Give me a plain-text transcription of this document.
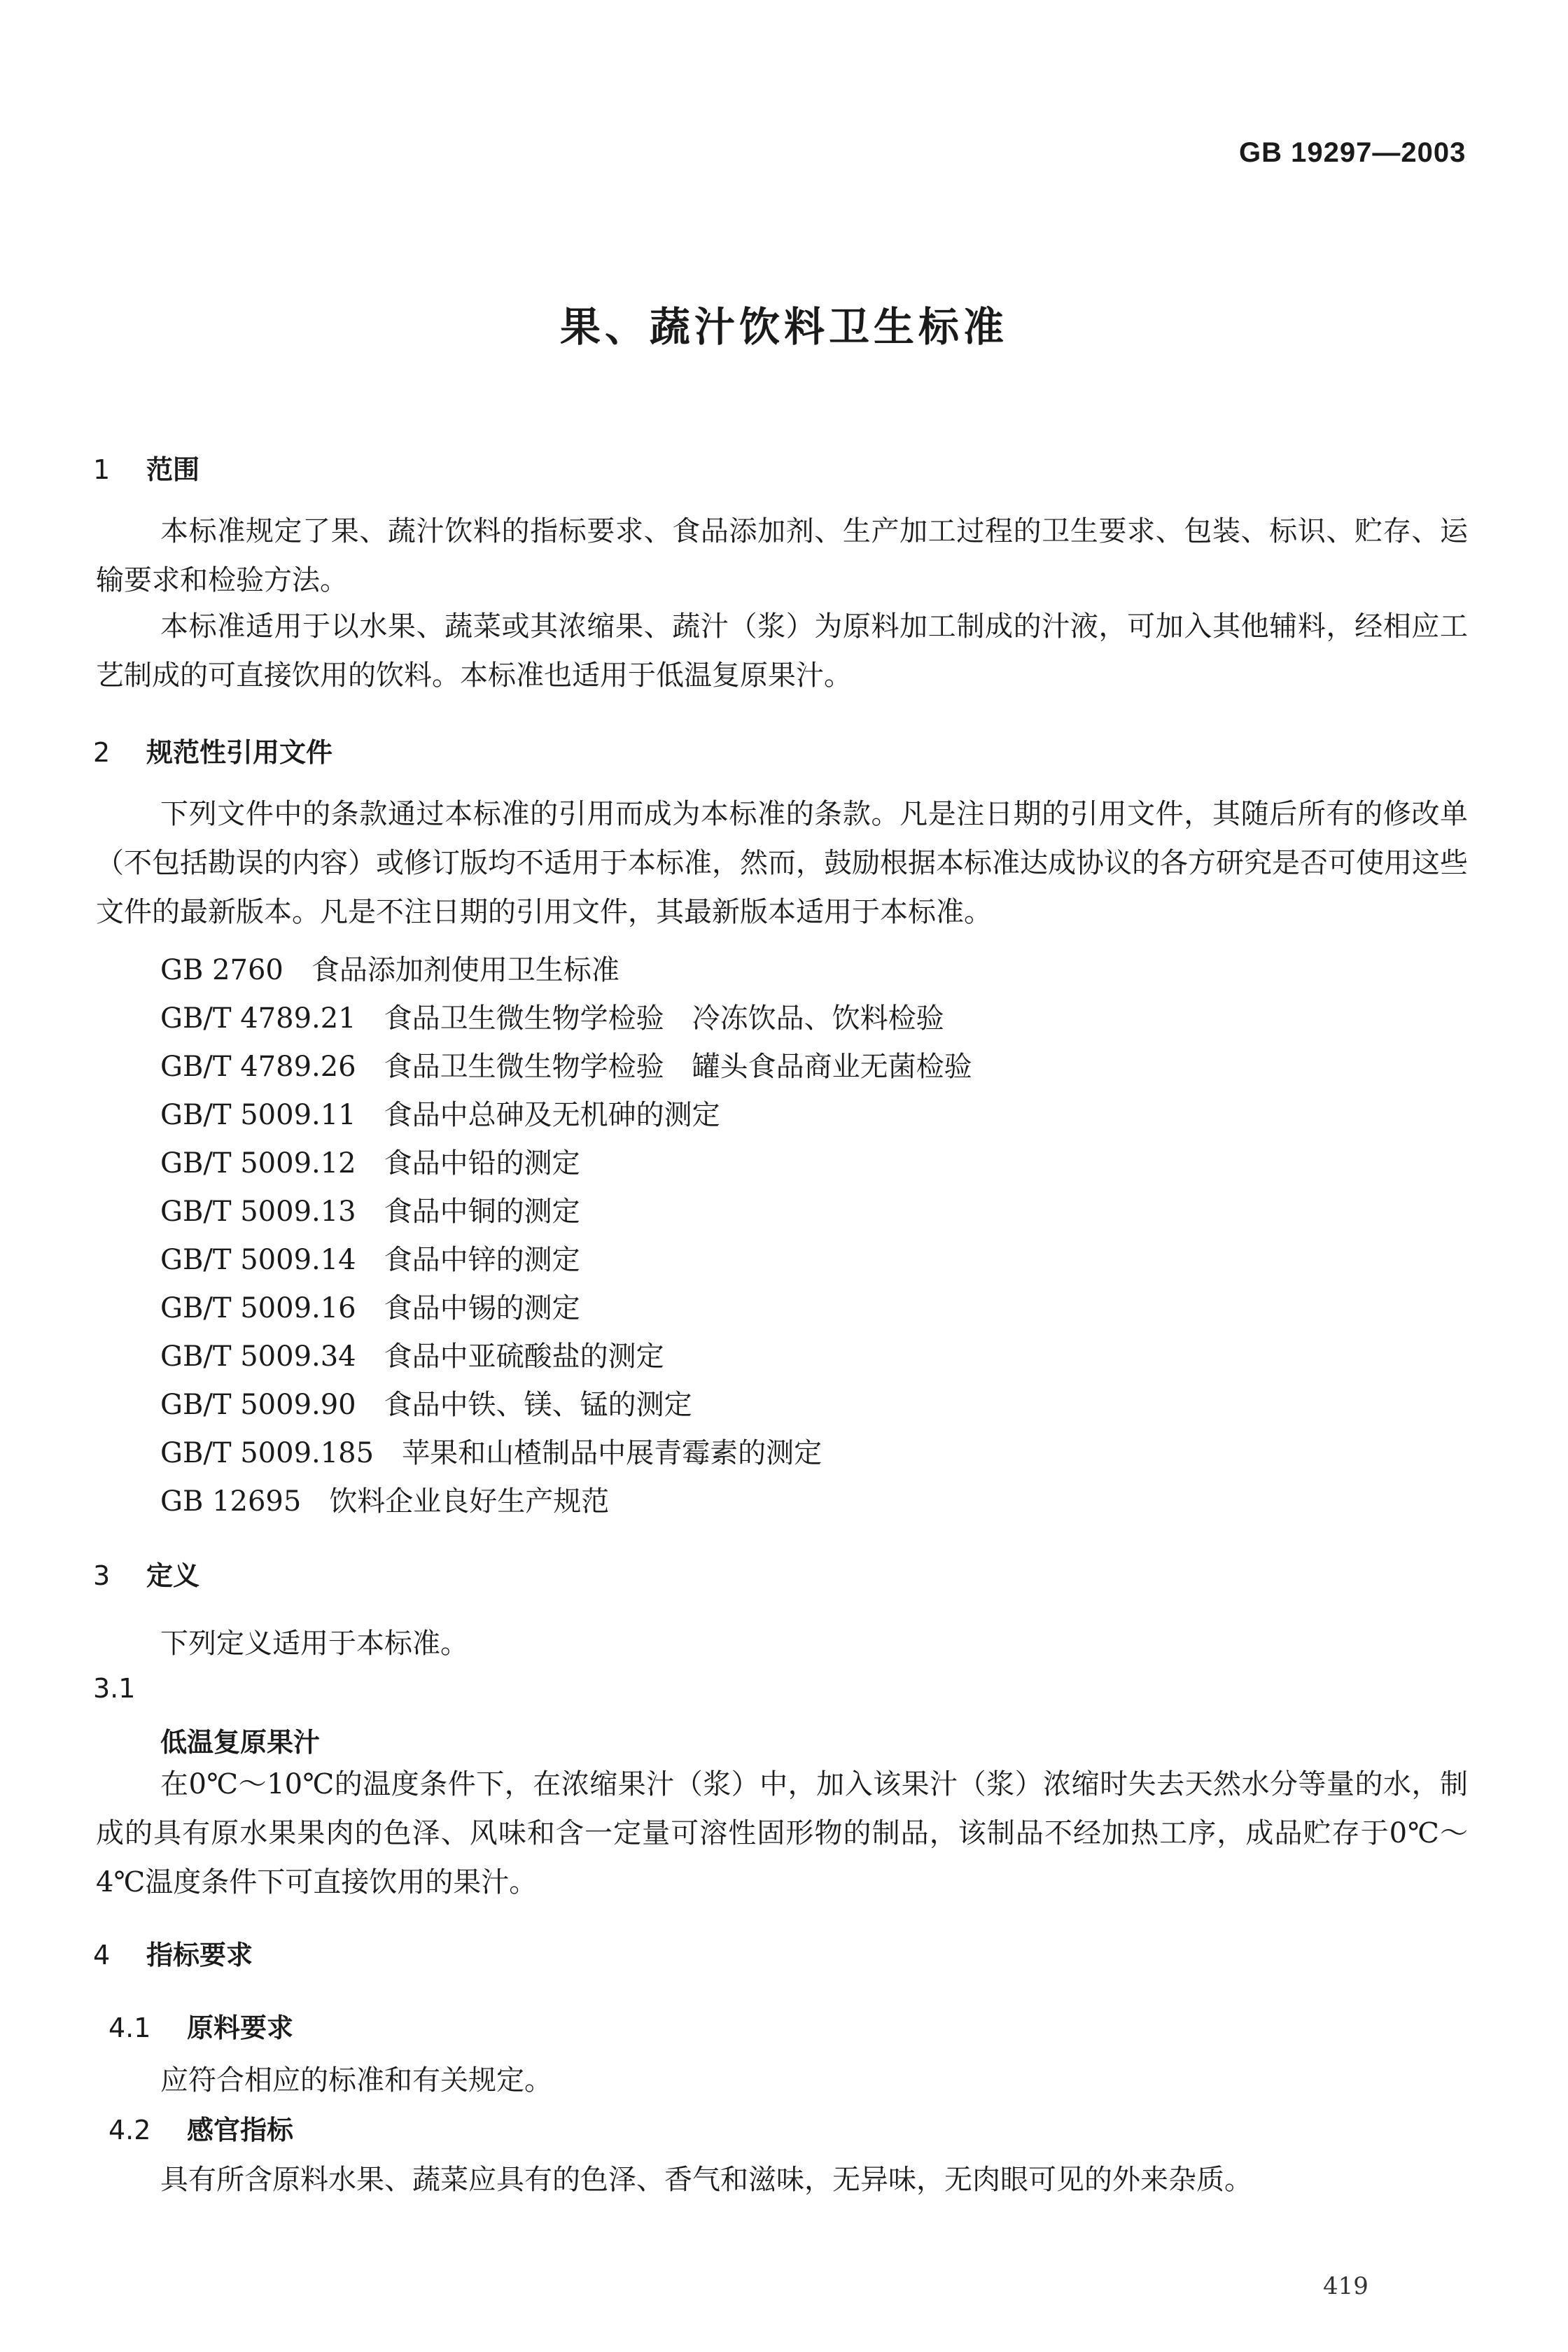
GB 19297—2003
果、蔬汁饮料卫生标准
1 范围
本标准规定了果、蔬汁饮料的指标要求、食品添加剂、生产加工过程的卫生要求、包装、标识、贮存、运输要求和检验方法。
本标准适用于以水果、蔬菜或其浓缩果、蔬汁（浆）为原料加工制成的汁液，可加入其他辅料，经相应工艺制成的可直接饮用的饮料。本标准也适用于低温复原果汁。
2 规范性引用文件
下列文件中的条款通过本标准的引用而成为本标准的条款。凡是注日期的引用文件，其随后所有的修改单（不包括勘误的内容）或修订版均不适用于本标准，然而，鼓励根据本标准达成协议的各方研究是否可使用这些文件的最新版本。凡是不注日期的引用文件，其最新版本适用于本标准。
GB 2760 食品添加剂使用卫生标准
GB/T 4789.21 食品卫生微生物学检验　冷冻饮品、饮料检验
GB/T 4789.26 食品卫生微生物学检验　罐头食品商业无菌检验
GB/T 5009.11 食品中总砷及无机砷的测定
GB/T 5009.12 食品中铅的测定
GB/T 5009.13 食品中铜的测定
GB/T 5009.14 食品中锌的测定
GB/T 5009.16 食品中锡的测定
GB/T 5009.34 食品中亚硫酸盐的测定
GB/T 5009.90 食品中铁、镁、锰的测定
GB/T 5009.185 苹果和山楂制品中展青霉素的测定
GB 12695 饮料企业良好生产规范
3 定义
下列定义适用于本标准。
3.1
低温复原果汁
在0℃～10℃的温度条件下，在浓缩果汁（浆）中，加入该果汁（浆）浓缩时失去天然水分等量的水，制成的具有原水果果肉的色泽、风味和含一定量可溶性固形物的制品，该制品不经加热工序，成品贮存于0℃～4℃温度条件下可直接饮用的果汁。
4 指标要求
4.1 原料要求
应符合相应的标准和有关规定。
4.2 感官指标
具有所含原料水果、蔬菜应具有的色泽、香气和滋味，无异味，无肉眼可见的外来杂质。
419
